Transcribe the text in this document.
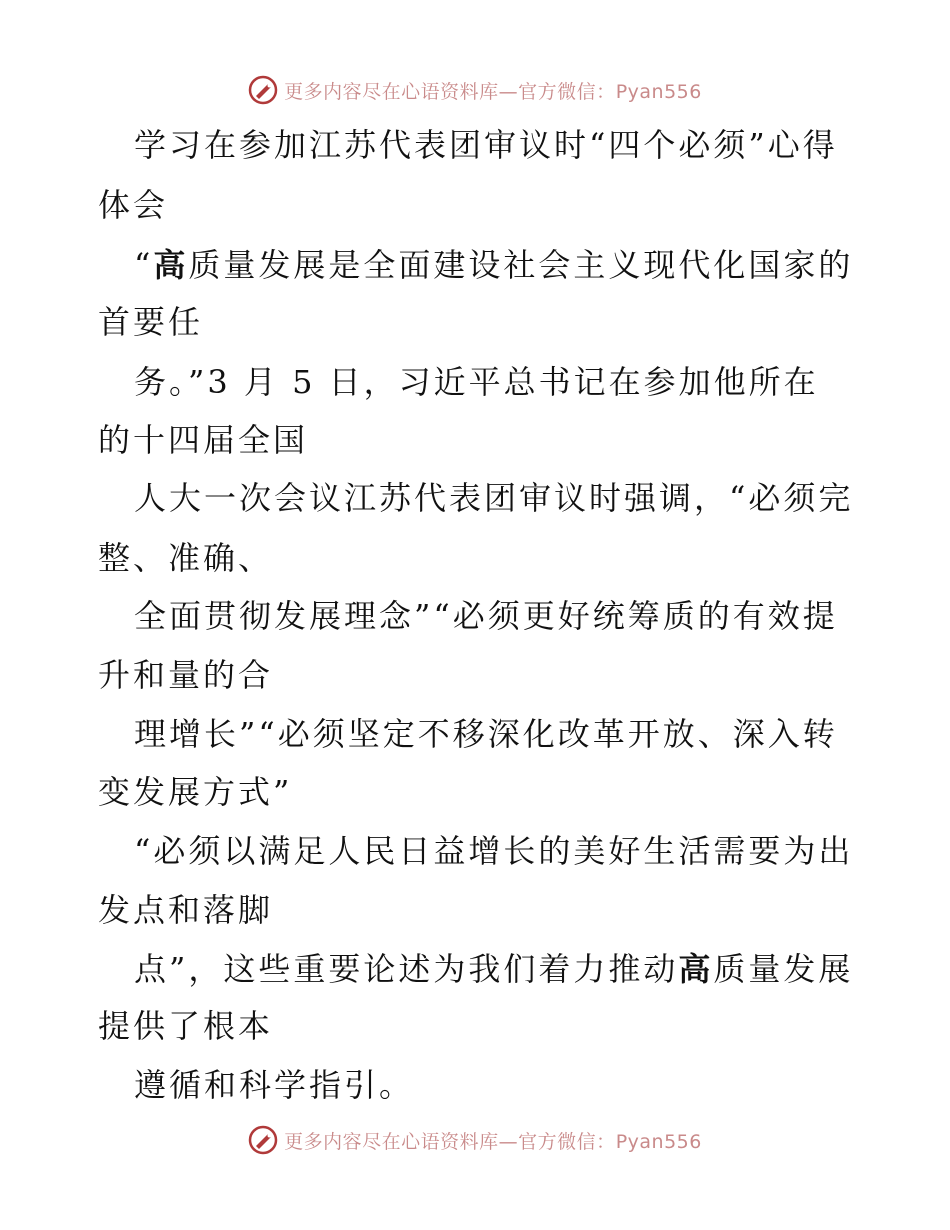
更多内容尽在心语资料库—官方微信：Pyan556
学习在参加江苏代表团审议时“四个必须”心得
体会
“高质量发展是全面建设社会主义现代化国家的
首要任
务。”3 月 5 日，习近平总书记在参加他所在
的十四届全国
人大一次会议江苏代表团审议时强调，“必须完
整、准确、
全面贯彻发展理念”“必须更好统筹质的有效提
升和量的合
理增长”“必须坚定不移深化改革开放、深入转
变发展方式”
“必须以满足人民日益增长的美好生活需要为出
发点和落脚
点”，这些重要论述为我们着力推动高质量发展
提供了根本
遵循和科学指引。
更多内容尽在心语资料库—官方微信：Pyan556
